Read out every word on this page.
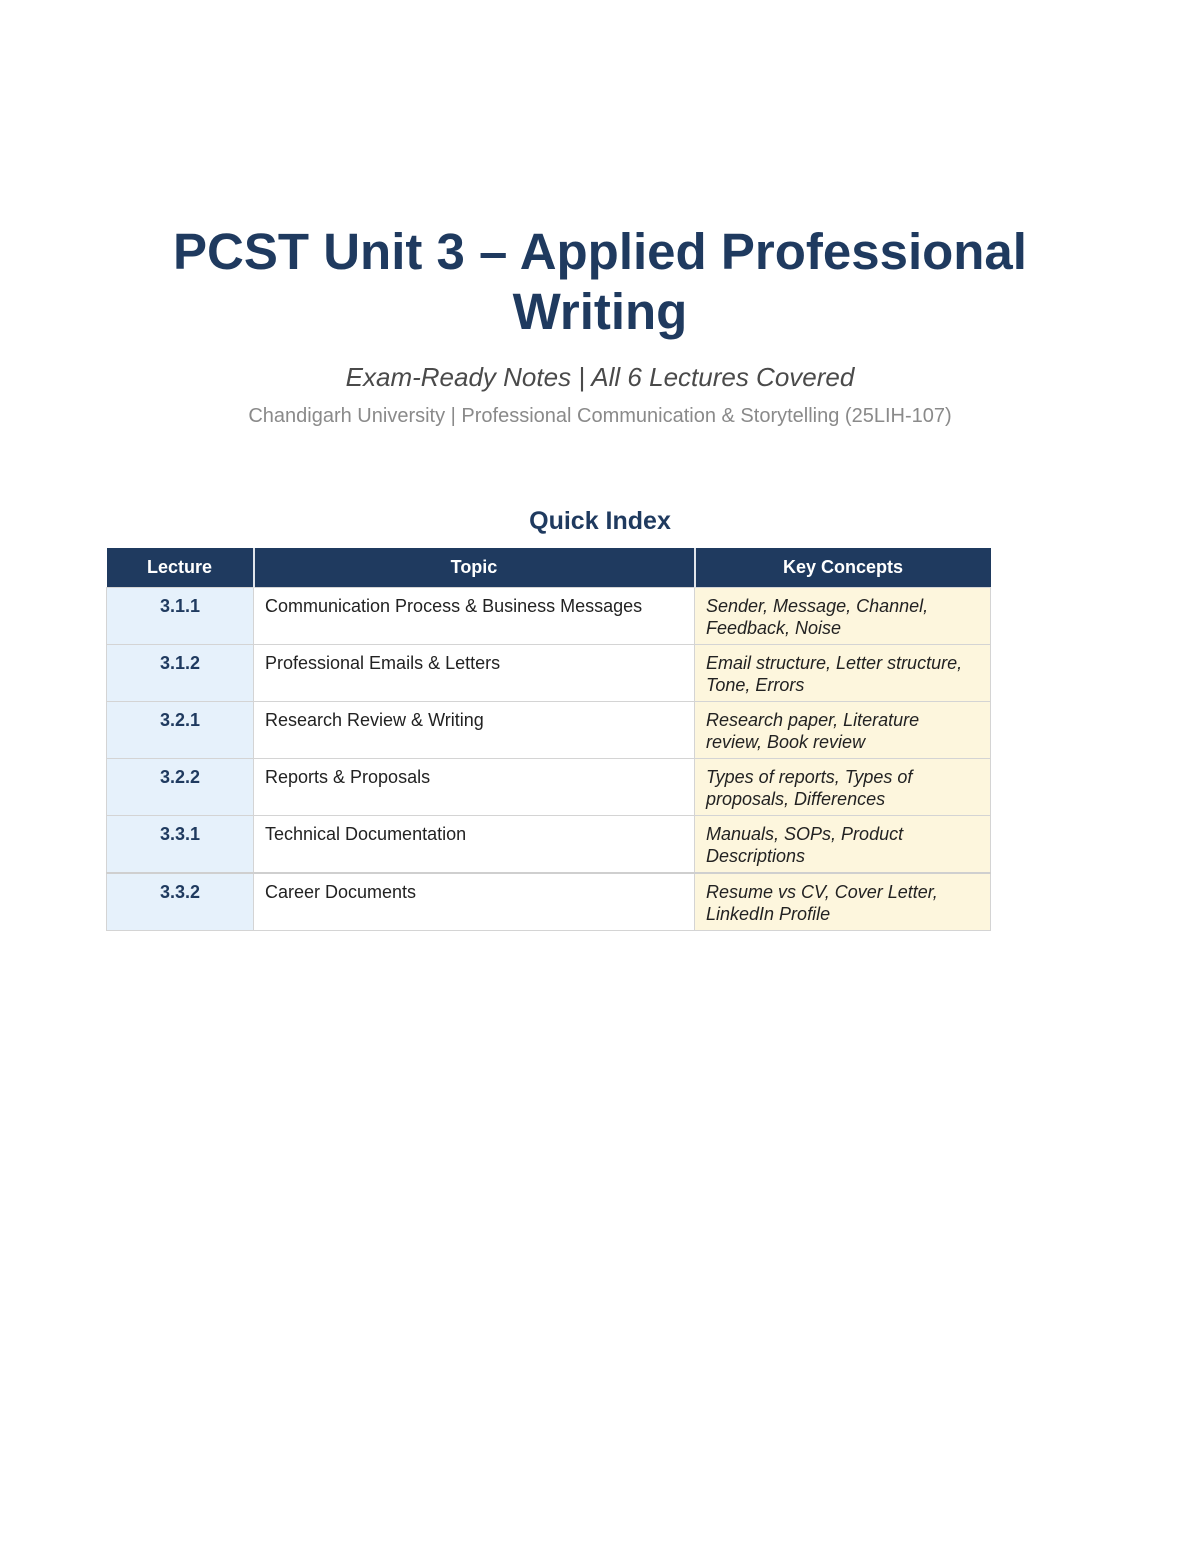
PCST Unit 3 – Applied Professional
Writing

Exam-Ready Notes | All 6 Lectures Covered

Chandigarh University | Professional Communication & Storytelling (25LIH-107)

Quick Index
Lecture	Topic	Key Concepts
3.1.1	Communication Process & Business Messages	Sender, Message, Channel, Feedback, Noise
3.1.2	Professional Emails & Letters	Email structure, Letter structure, Tone, Errors
3.2.1	Research Review & Writing	Research paper, Literature review, Book review
3.2.2	Reports & Proposals	Types of reports, Types of proposals, Differences
3.3.1	Technical Documentation	Manuals, SOPs, Product Descriptions
3.3.2	Career Documents	Resume vs CV, Cover Letter, LinkedIn Profile
